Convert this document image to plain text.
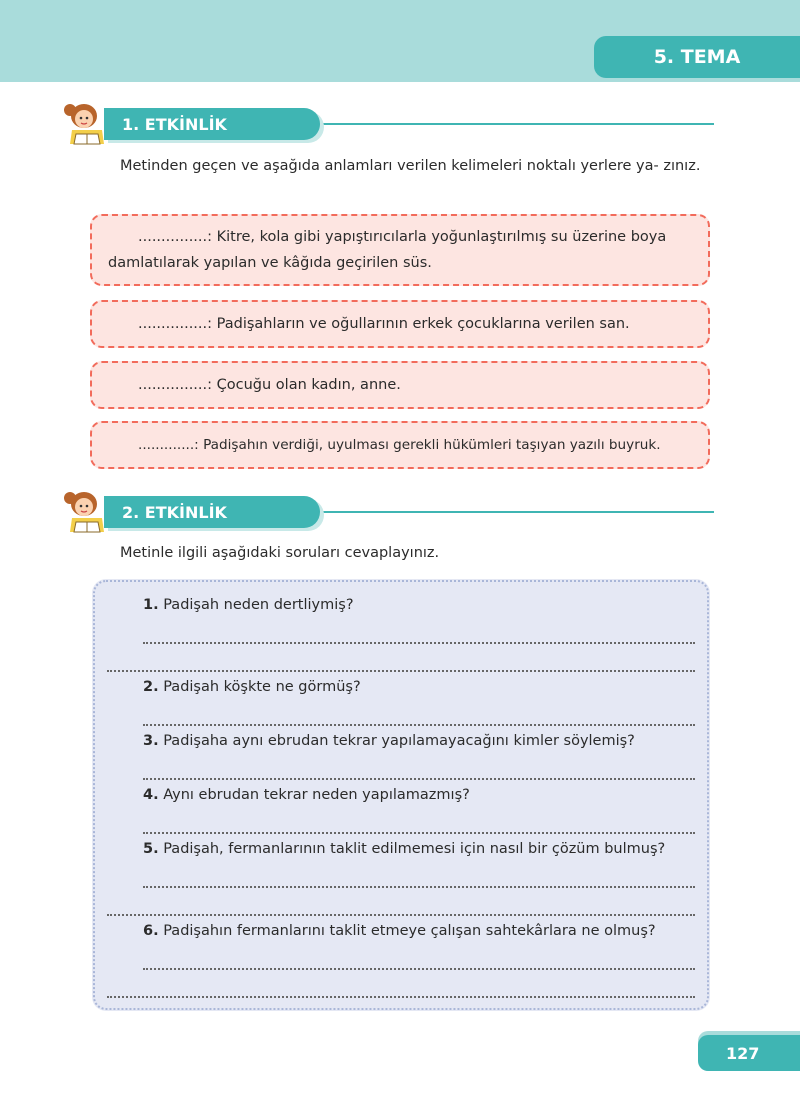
5. TEMA
1. ETKİNLİK
Metinden geçen ve aşağıda anlamları verilen kelimeleri noktalı yerlere ya- zınız.
...............: Kitre, kola gibi yapıştırıcılarla yoğunlaştırılmış su üzerine boya damlatılarak yapılan ve kâğıda geçirilen süs.
...............: Padişahların ve oğullarının erkek çocuklarına verilen san.
...............: Çocuğu olan kadın, anne.
.............: Padişahın verdiği, uyulması gerekli hükümleri taşıyan yazılı buyruk.
2. ETKİNLİK
Metinle ilgili aşağıdaki soruları cevaplayınız.
1. Padişah neden dertliymiş?
2. Padişah köşkte ne görmüş?
3. Padişaha aynı ebrudan tekrar yapılamayacağını kimler söylemiş?
4. Aynı ebrudan tekrar neden yapılamazmış?
5. Padişah, fermanlarının taklit edilmemesi için nasıl bir çözüm bulmuş?
6. Padişahın fermanlarını taklit etmeye çalışan sahtekârlara ne olmuş?
127
